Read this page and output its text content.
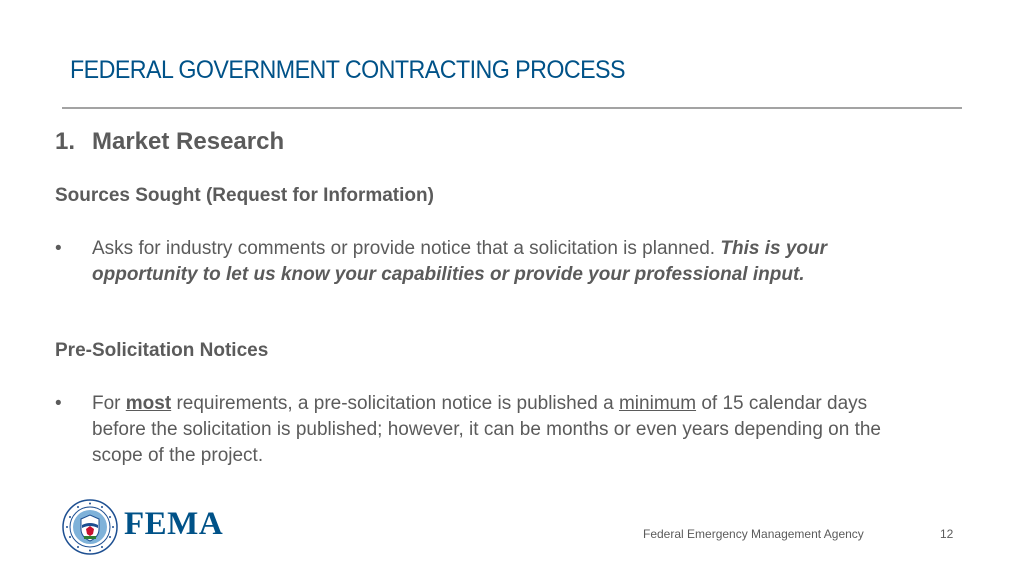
FEDERAL GOVERNMENT CONTRACTING PROCESS
1. Market Research
Sources Sought (Request for Information)
• Asks for industry comments or provide notice that a solicitation is planned. This is your opportunity to let us know your capabilities or provide your professional input.
Pre-Solicitation Notices
• For most requirements, a pre-solicitation notice is published a minimum of 15 calendar days before the solicitation is published; however, it can be months or even years depending on the scope of the project.
FEMA	Federal Emergency Management Agency	12
